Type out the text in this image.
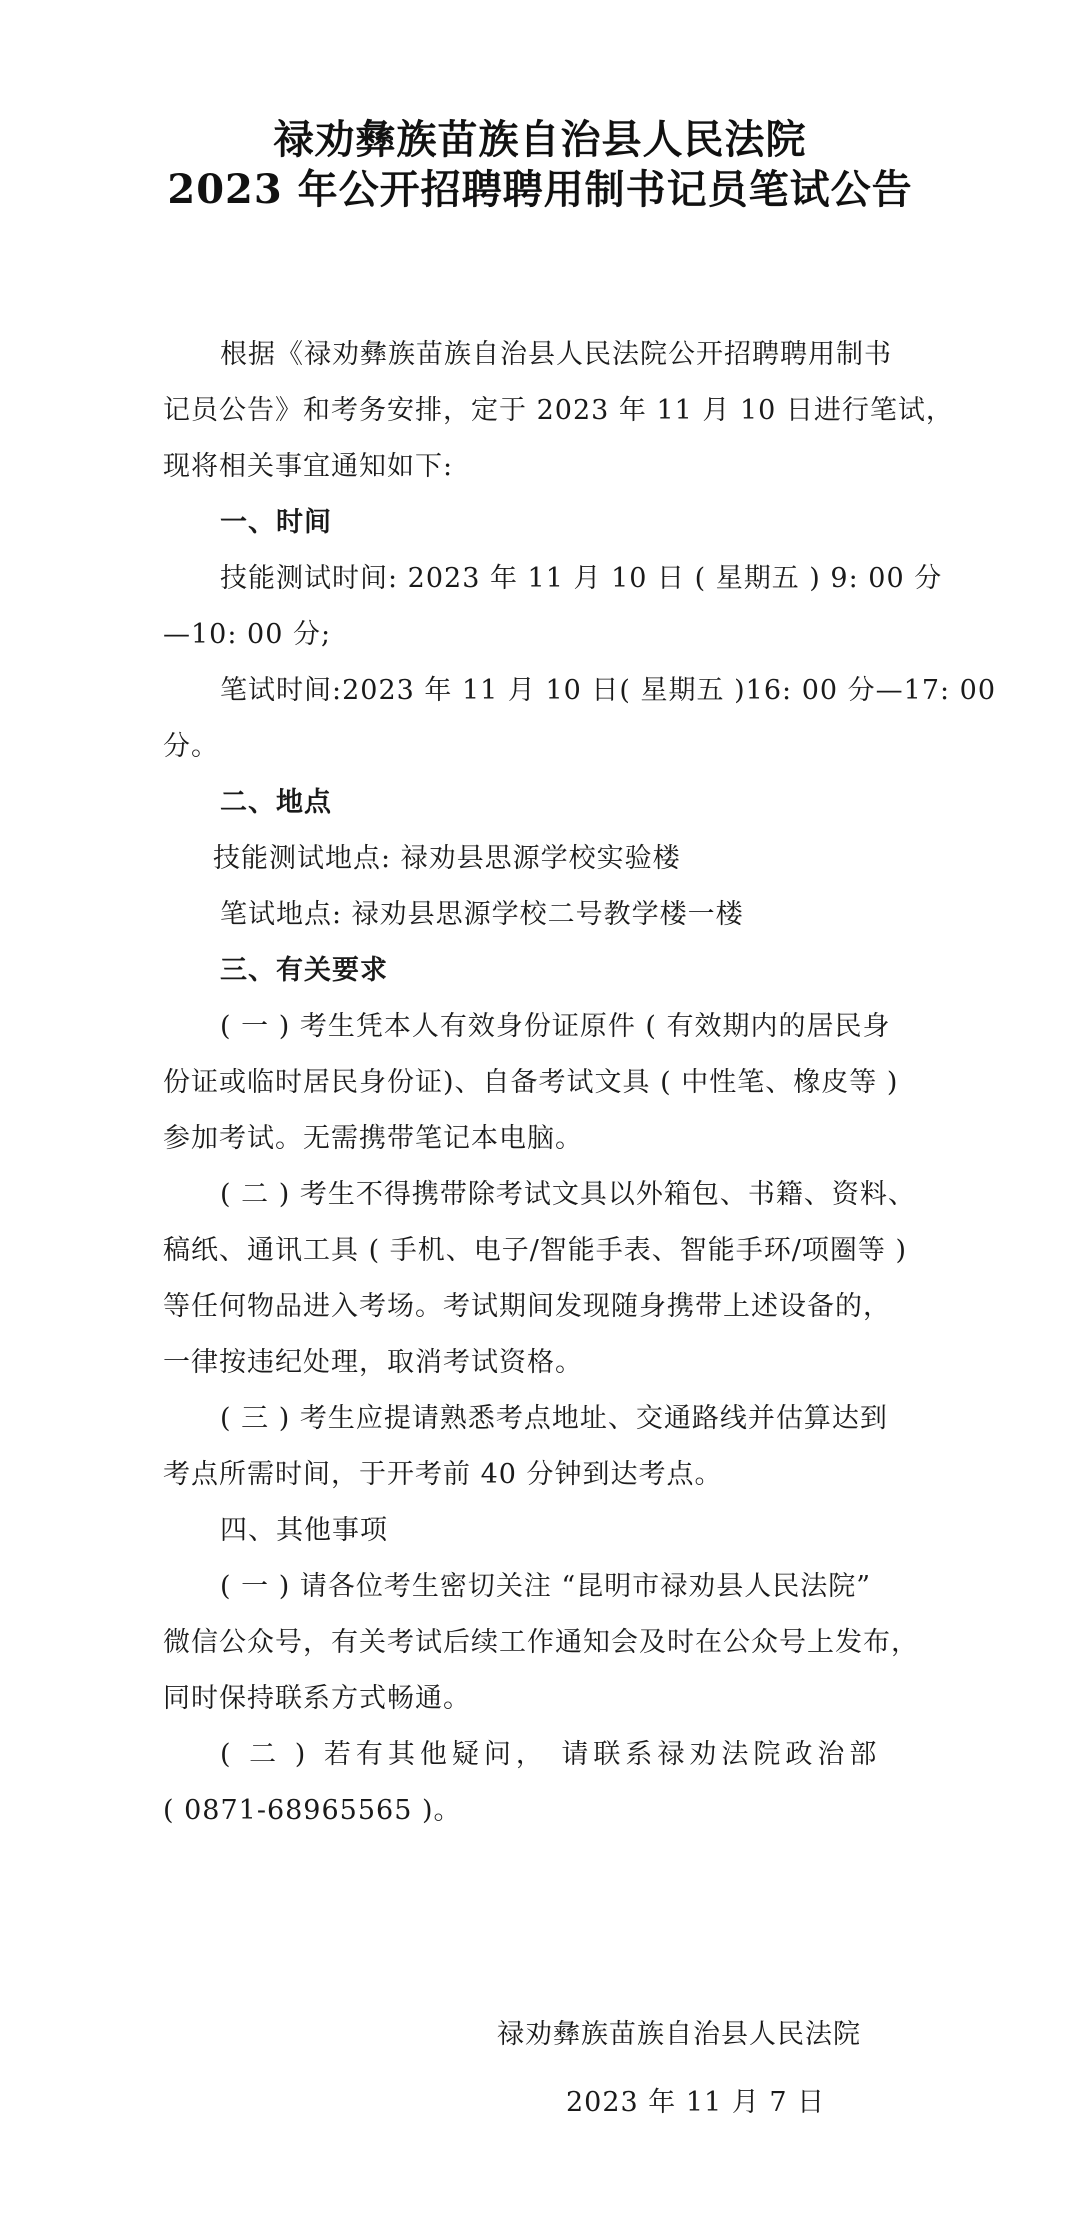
禄劝彝族苗族自治县人民法院
2023 年公开招聘聘用制书记员笔试公告
根据《禄劝彝族苗族自治县人民法院公开招聘聘用制书
记员公告》和考务安排，定于 2023 年 11 月 10 日进行笔试，
现将相关事宜通知如下:
一、时间
技能测试时间: 2023 年 11 月 10 日 ( 星期五 ) 9: 00 分
—10: 00 分;
笔试时间:2023 年 11 月 10 日( 星期五 )16: 00 分—17: 00
分。
二、地点
技能测试地点: 禄劝县思源学校实验楼
笔试地点: 禄劝县思源学校二号教学楼一楼
三、有关要求
( 一 ) 考生凭本人有效身份证原件 ( 有效期内的居民身
份证或临时居民身份证)、自备考试文具 ( 中性笔、橡皮等 )
参加考试。无需携带笔记本电脑。
( 二 ) 考生不得携带除考试文具以外箱包、书籍、资料、
稿纸、通讯工具 ( 手机、电子/智能手表、智能手环/项圈等 )
等任何物品进入考场。考试期间发现随身携带上述设备的，
一律按违纪处理，取消考试资格。
( 三 ) 考生应提请熟悉考点地址、交通路线并估算达到
考点所需时间，于开考前 40 分钟到达考点。
四、其他事项
( 一 ) 请各位考生密切关注 “昆明市禄劝县人民法院”
微信公众号，有关考试后续工作通知会及时在公众号上发布，
同时保持联系方式畅通。
( 二 ) 若有其他疑问， 请联系禄劝法院政治部
( 0871-68965565 )。
禄劝彝族苗族自治县人民法院
2023 年 11 月 7 日
